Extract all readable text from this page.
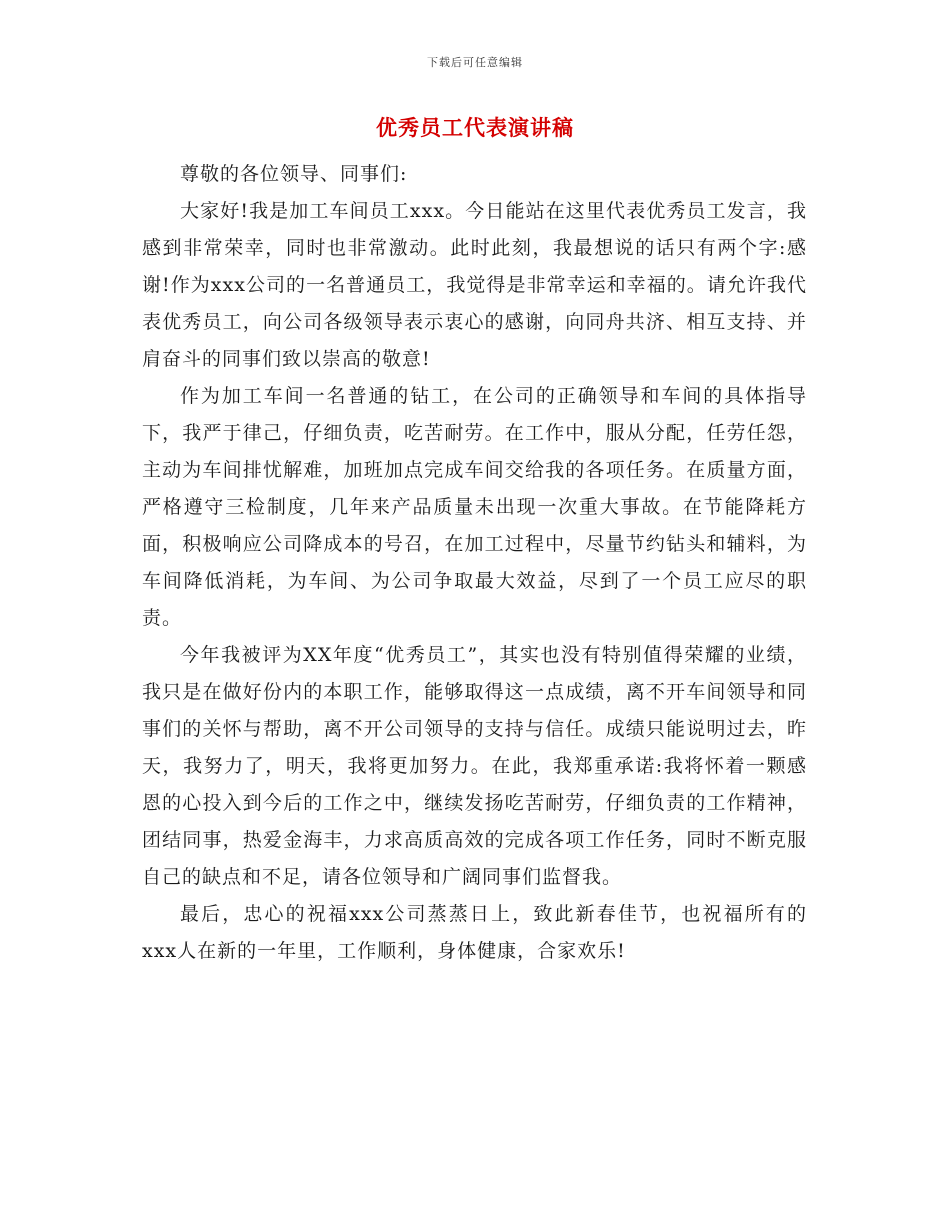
下载后可任意编辑
优秀员工代表演讲稿

尊敬的各位领导、同事们:

大家好!我是加工车间员工xxx。今日能站在这里代表优秀员工发言，我感到非常荣幸，同时也非常激动。此时此刻，我最想说的话只有两个字:感谢!作为xxx公司的一名普通员工，我觉得是非常幸运和幸福的。请允许我代表优秀员工，向公司各级领导表示衷心的感谢，向同舟共济、相互支持、并肩奋斗的同事们致以崇高的敬意!

作为加工车间一名普通的钻工，在公司的正确领导和车间的具体指导下，我严于律己，仔细负责，吃苦耐劳。在工作中，服从分配，任劳任怨，主动为车间排忧解难，加班加点完成车间交给我的各项任务。在质量方面，严格遵守三检制度，几年来产品质量未出现一次重大事故。在节能降耗方面，积极响应公司降成本的号召，在加工过程中，尽量节约钻头和辅料，为车间降低消耗，为车间、为公司争取最大效益，尽到了一个员工应尽的职责。

今年我被评为XX年度“优秀员工”，其实也没有特别值得荣耀的业绩，我只是在做好份内的本职工作，能够取得这一点成绩，离不开车间领导和同事们的关怀与帮助，离不开公司领导的支持与信任。成绩只能说明过去，昨天，我努力了，明天，我将更加努力。在此，我郑重承诺:我将怀着一颗感恩的心投入到今后的工作之中，继续发扬吃苦耐劳，仔细负责的工作精神，团结同事，热爱金海丰，力求高质高效的完成各项工作任务，同时不断克服自己的缺点和不足，请各位领导和广阔同事们监督我。

最后，忠心的祝福xxx公司蒸蒸日上，致此新春佳节，也祝福所有的xxx人在新的一年里，工作顺利，身体健康，合家欢乐!
